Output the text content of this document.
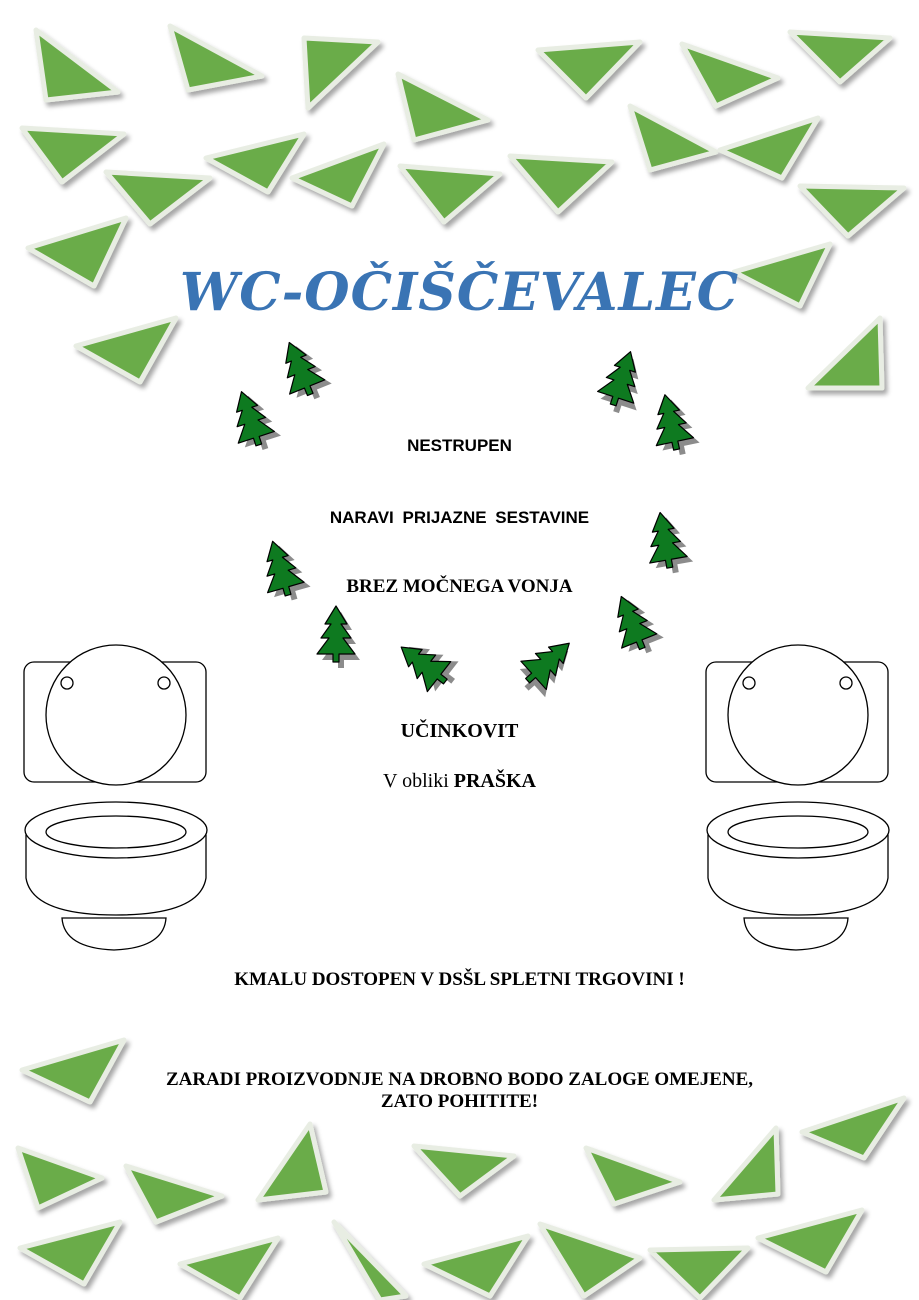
WC-OČIŠČEVALEC
NESTRUPEN
NARAVI PRIJAZNE SESTAVINE
BREZ MOČNEGA VONJA
UČINKOVIT
V obliki PRAŠKA
KMALU DOSTOPEN V DSŠL SPLETNI TRGOVINI !
ZARADI PROIZVODNJE NA DROBNO BODO ZALOGE OMEJENE,
ZATO POHITITE!
